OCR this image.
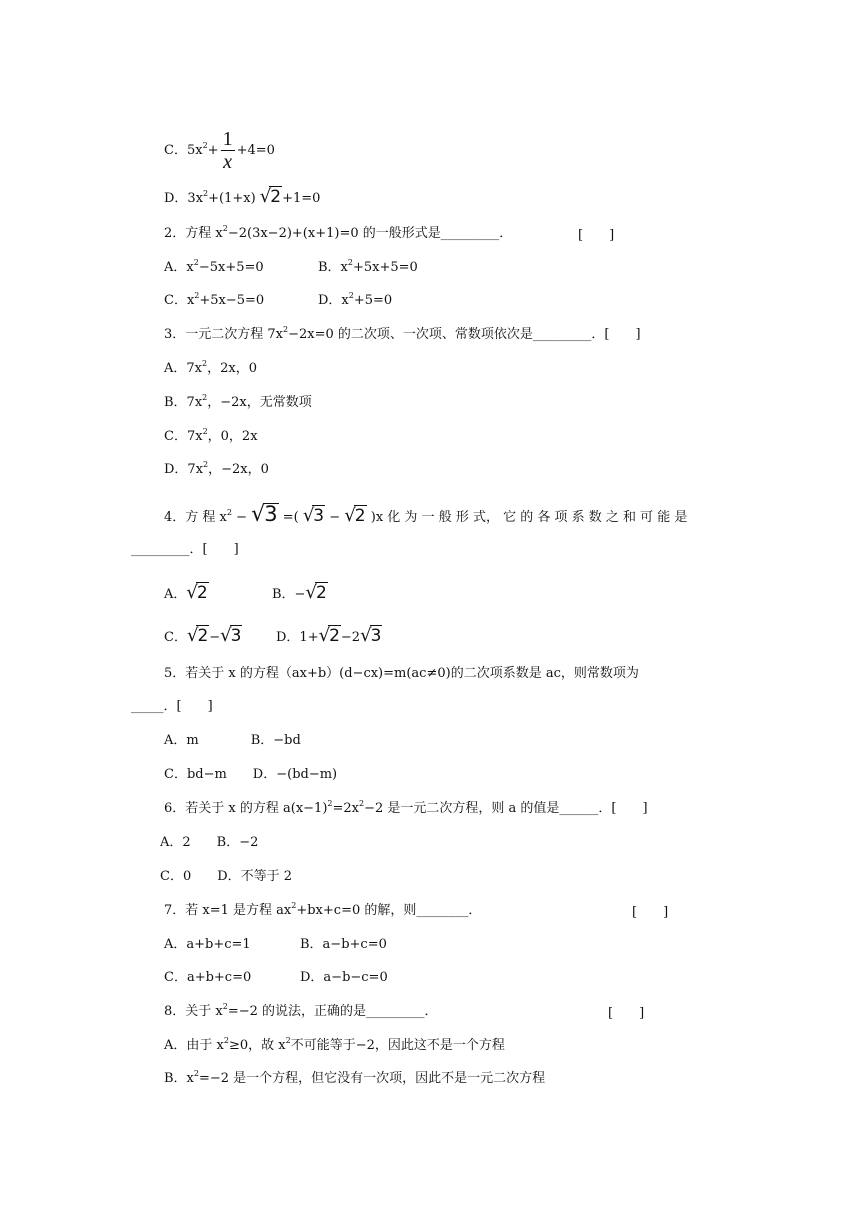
C．$5x^2+ \frac{1}{x} +4=0$
D．$3x^2+(1+x)$ √2+1=0
2．方程 $x^2-2(3x-2)+(x+1)=0$ 的一般形式是_________．	[　　]
A．$x^2-5x+5=0$	B．$x^2+5x+5=0$
C．$x^2+5x-5=0$	D．$x^2+5=0$
3．一元二次方程 $7x^2-2x=0$ 的二次项、一次项、常数项依次是_________．[　　]
A．$7x^2$，2x，0
B．$7x^2$，−2x，无常数项
C．$7x^2$，0，2x
D．$7x^2$，−2x，0
4．方 程 $x^2 - √3$ =( √3 − √2 )x 化 为 一 般 形 式， 它 的 各 项 系 数 之 和 可 能 是
_________．[　　]
A．√2	B．−√2
C．√2−√3	D．1+√2−2√3
5．若关于 x 的方程（ax+b）(d−cx)=m(ac≠0)的二次项系数是 ac，则常数项为
_____．[　　]
A．m　　　　B．−bd
C．bd−m　　D．−(bd−m)
6．若关于 x 的方程 $a(x-1)^2=2x^2-2$ 是一元二次方程，则 a 的值是______．[　　]
A．2　　B．−2
C．0　　D．不等于 2
7．若 x=1 是方程 $ax^2+bx+c=0$ 的解，则________．	[　　]
A．a+b+c=1	B．a−b+c=0
C．a+b+c=0	D．a−b−c=0
8．关于 $x^2=-2$ 的说法，正确的是_________．	[　　]
A．由于 $x^2\ge 0$，故 $x^2$不可能等于−2，因此这不是一个方程
B．$x^2=-2$ 是一个方程，但它没有一次项，因此不是一元二次方程
